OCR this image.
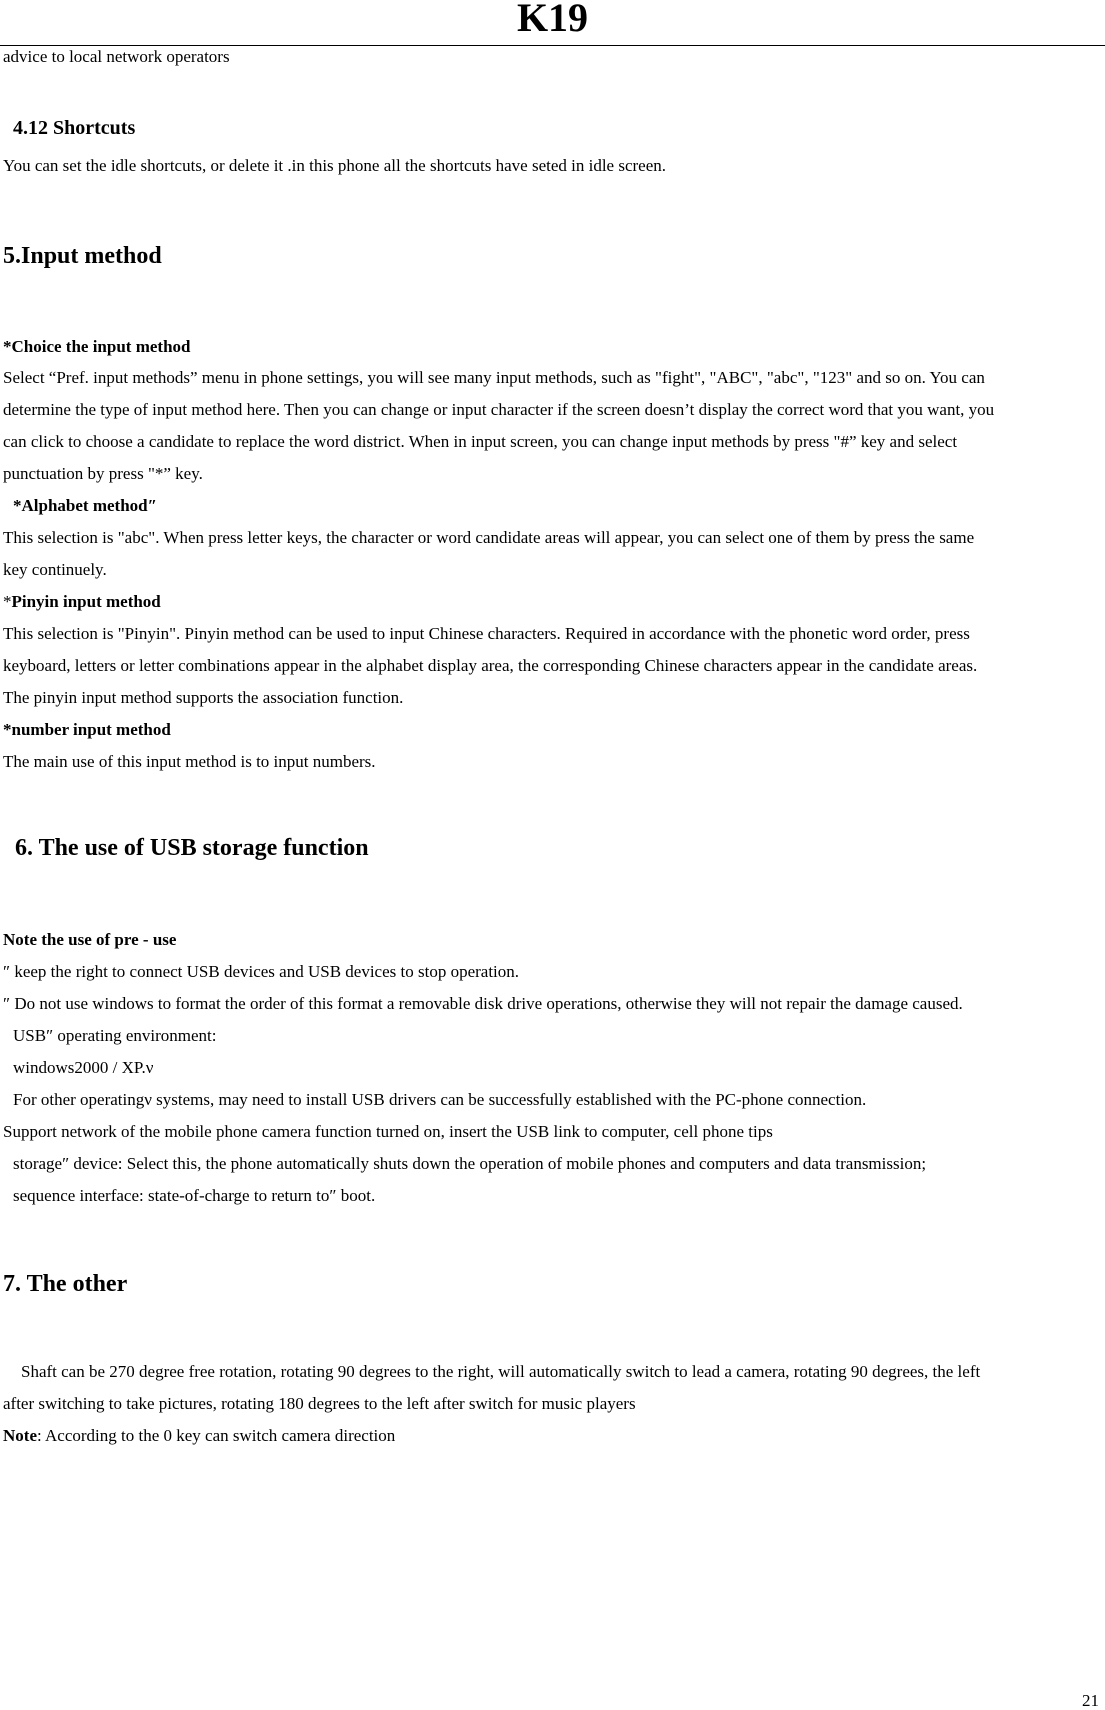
K19
advice to local network operators
4.12 Shortcuts
You can set the idle shortcuts, or delete it .in this phone all the shortcuts have seted in idle screen.
5.Input method
*Choice the input method
Select “Pref. input methods” menu in phone settings, you will see many input methods, such as "fight", "ABC", "abc", "123" and so on. You can
determine the type of input method here. Then you can change or input character if the screen doesn’t display the correct word that you want, you
can click to choose a candidate to replace the word district. When in input screen, you can change input methods by press "#” key and select
punctuation by press "*” key.
*Alphabet method″
This selection is "abc". When press letter keys, the character or word candidate areas will appear, you can select one of them by press the same
key continuely.
*Pinyin input method
This selection is "Pinyin". Pinyin method can be used to input Chinese characters. Required in accordance with the phonetic word order, press
keyboard, letters or letter combinations appear in the alphabet display area, the corresponding Chinese characters appear in the candidate areas.
The pinyin input method supports the association function.
*number input method
The main use of this input method is to input numbers.
6. The use of USB storage function
Note the use of pre - use
″ keep the right to connect USB devices and USB devices to stop operation.
″ Do not use windows to format the order of this format a removable disk drive operations, otherwise they will not repair the damage caused.
USB″ operating environment:
windows2000 / XP.ν
For other operatingν systems, may need to install USB drivers can be successfully established with the PC-phone connection.
Support network of the mobile phone camera function turned on, insert the USB link to computer, cell phone tips
storage″ device: Select this, the phone automatically shuts down the operation of mobile phones and computers and data transmission;
sequence interface: state-of-charge to return to″ boot.
7. The other
Shaft can be 270 degree free rotation, rotating 90 degrees to the right, will automatically switch to lead a camera, rotating 90 degrees, the left
after switching to take pictures, rotating 180 degrees to the left after switch for music players
Note: According to the 0 key can switch camera direction
21
